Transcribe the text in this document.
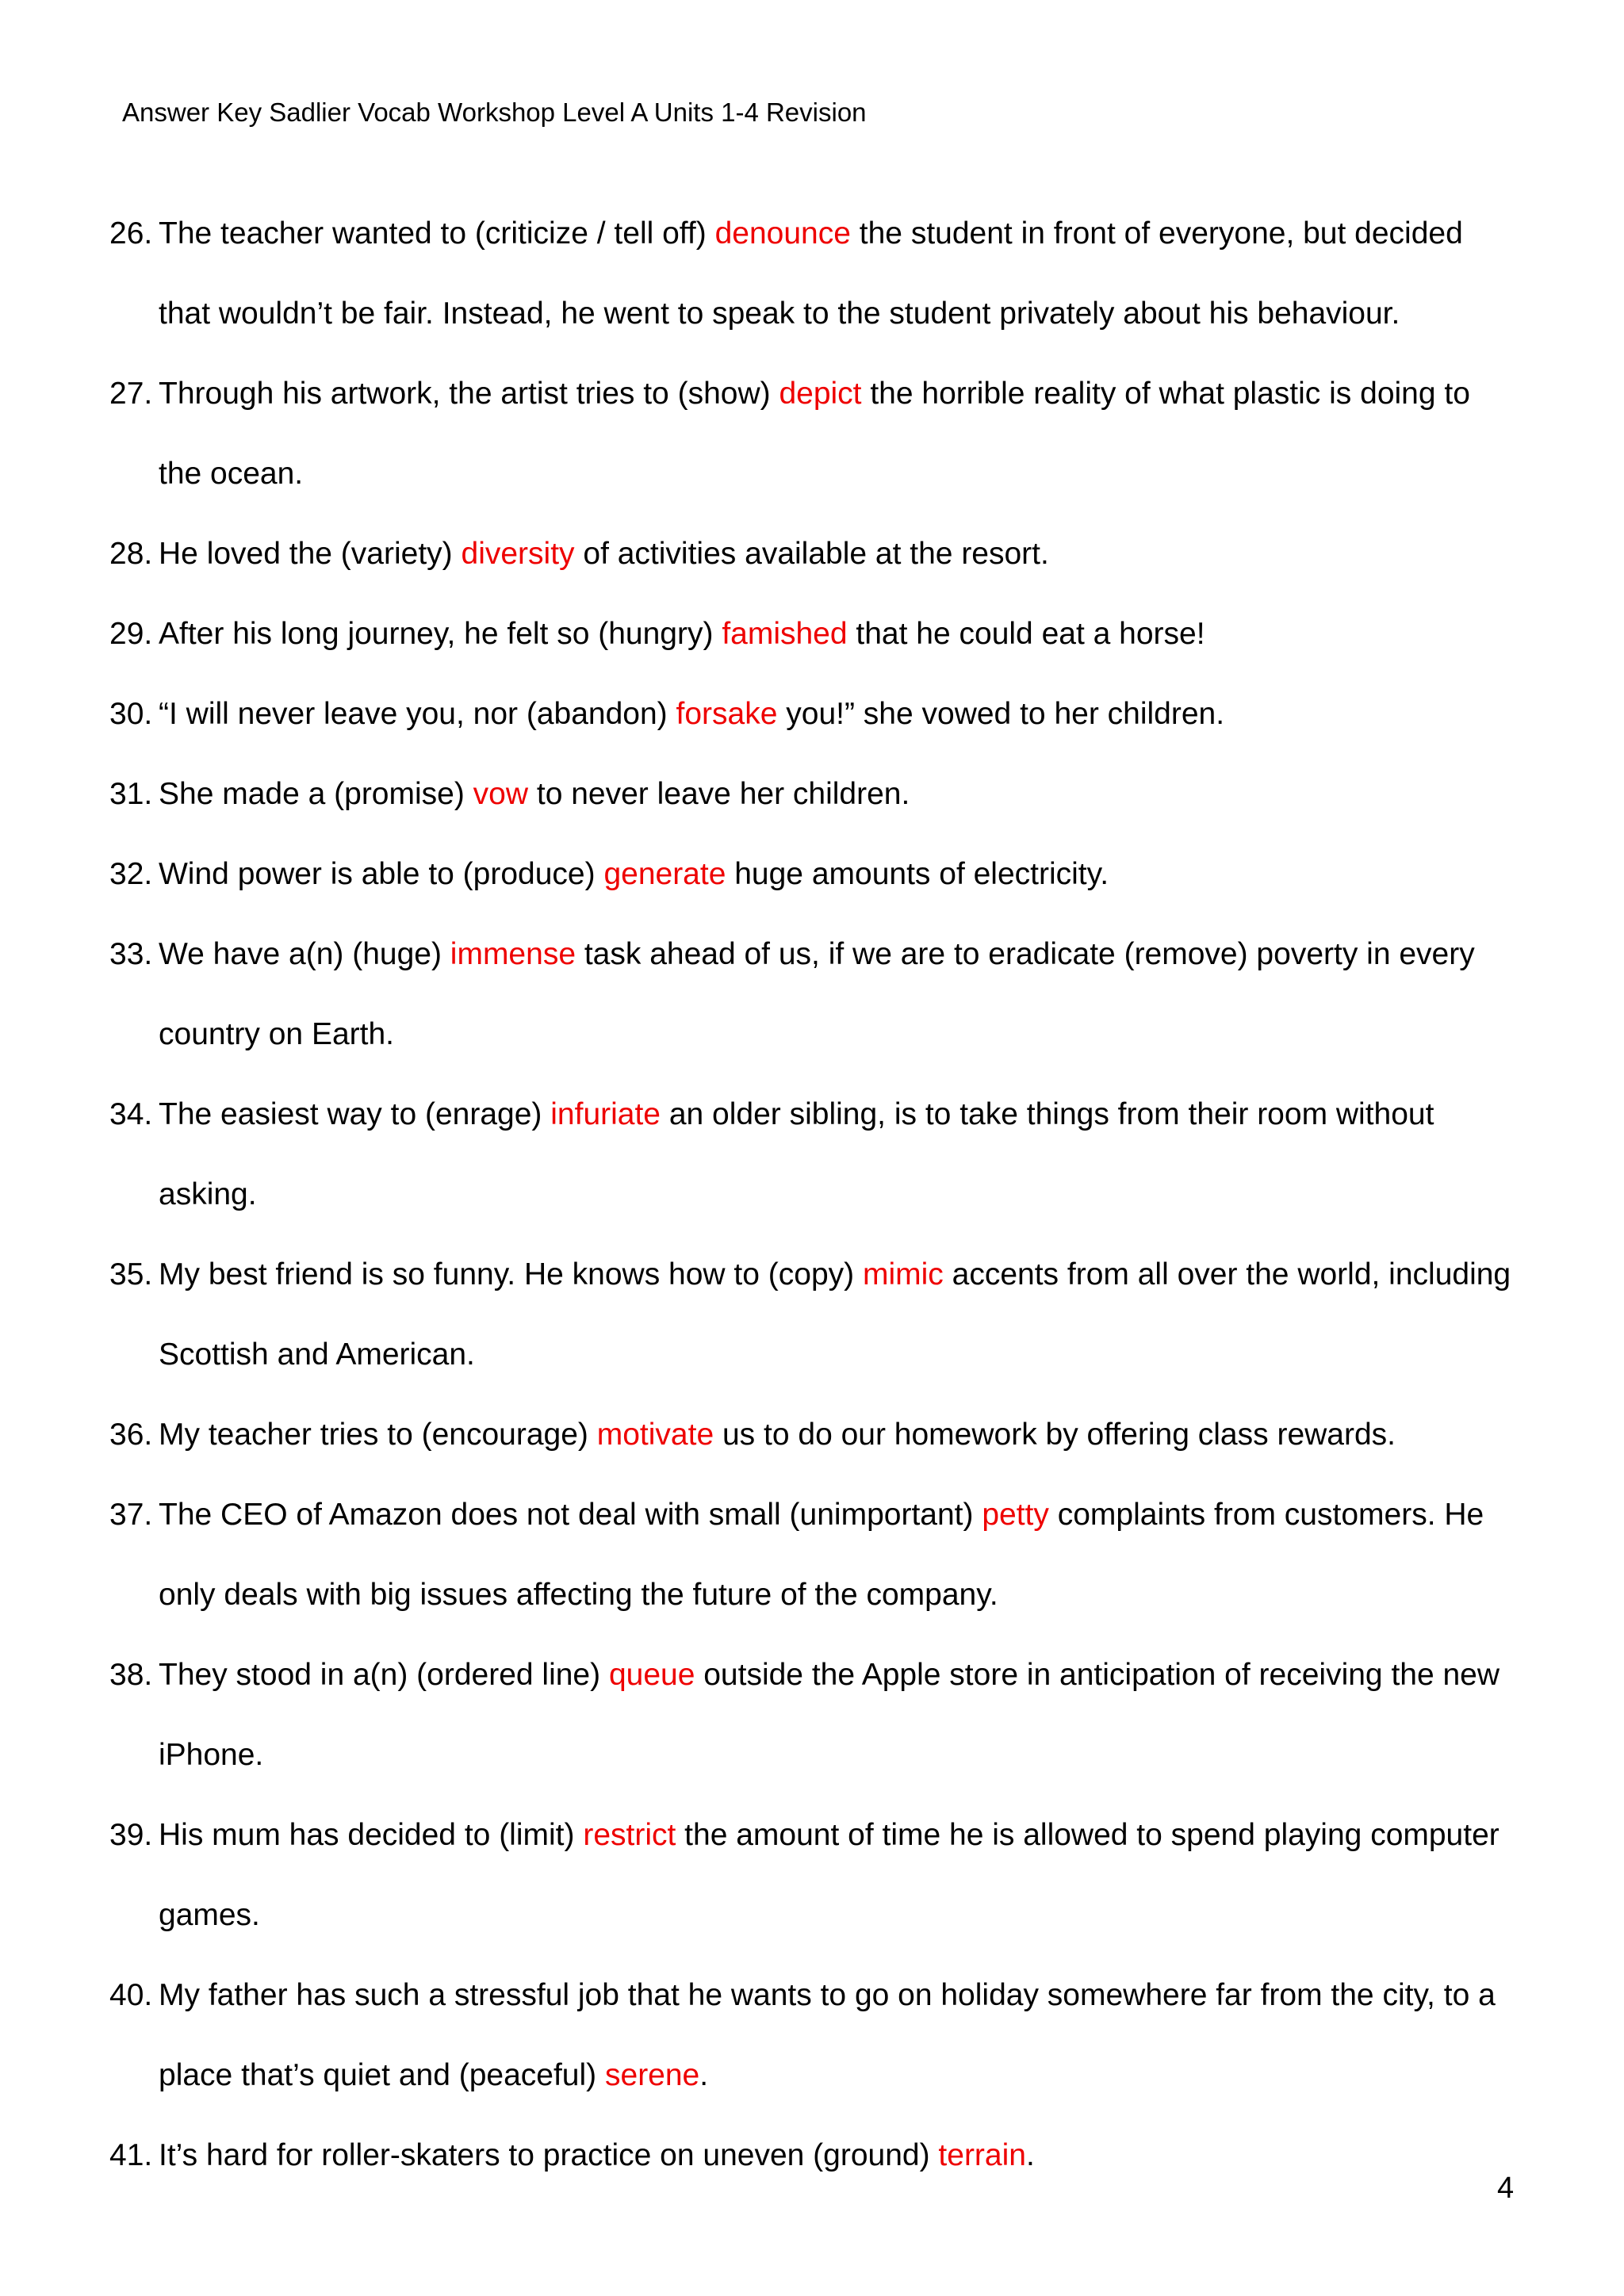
Answer Key Sadlier Vocab Workshop Level A Units 1-4 Revision
26. The teacher wanted to (criticize / tell off) denounce the student in front of everyone, but decided that wouldn’t be fair. Instead, he went to speak to the student privately about his behaviour.
27. Through his artwork, the artist tries to (show) depict the horrible reality of what plastic is doing to the ocean.
28. He loved the (variety) diversity of activities available at the resort.
29. After his long journey, he felt so (hungry) famished that he could eat a horse!
30. “I will never leave you, nor (abandon) forsake you!” she vowed to her children.
31. She made a (promise) vow to never leave her children.
32. Wind power is able to (produce) generate huge amounts of electricity.
33. We have a(n) (huge) immense task ahead of us, if we are to eradicate (remove) poverty in every country on Earth.
34. The easiest way to (enrage) infuriate an older sibling, is to take things from their room without asking.
35. My best friend is so funny. He knows how to (copy) mimic accents from all over the world, including Scottish and American.
36. My teacher tries to (encourage) motivate us to do our homework by offering class rewards.
37. The CEO of Amazon does not deal with small (unimportant) petty complaints from customers. He only deals with big issues affecting the future of the company.
38. They stood in a(n) (ordered line) queue outside the Apple store in anticipation of receiving the new iPhone.
39. His mum has decided to (limit) restrict the amount of time he is allowed to spend playing computer games.
40. My father has such a stressful job that he wants to go on holiday somewhere far from the city, to a place that’s quiet and (peaceful) serene.
41. It’s hard for roller-skaters to practice on uneven (ground) terrain.
4
